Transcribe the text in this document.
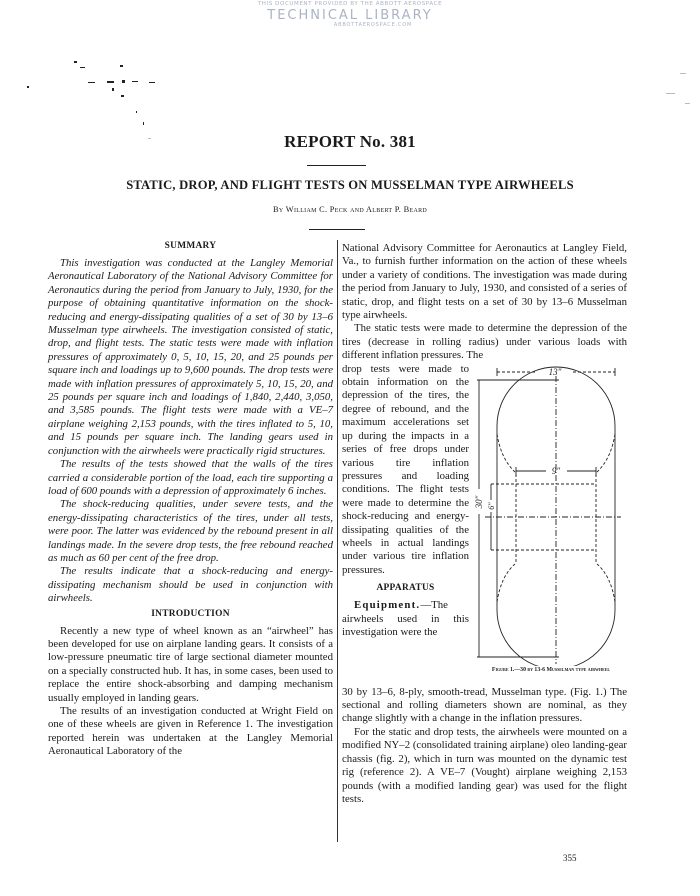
THIS DOCUMENT PROVIDED BY THE ABBOTT AEROSPACE
TECHNICAL LIBRARY
ABBOTTAEROSPACE.COM
REPORT No. 381
STATIC, DROP, AND FLIGHT TESTS ON MUSSELMAN TYPE AIRWHEELS
By William C. Peck and Albert P. Beard
SUMMARY

This investigation was conducted at the Langley Memorial Aeronautical Laboratory of the National Advisory Committee for Aeronautics during the period from January to July, 1930, for the purpose of obtaining quantitative information on the shock-reducing and energy-dissipating qualities of a set of 30 by 13–6 Musselman type airwheels. The investigation consisted of static, drop, and flight tests. The static tests were made with inflation pressures of approximately 0, 5, 10, 15, 20, and 25 pounds per square inch and loadings up to 9,600 pounds. The drop tests were made with inflation pressures of approximately 5, 10, 15, 20, and 25 pounds per square inch and loadings of 1,840, 2,440, 3,050, and 3,585 pounds. The flight tests were made with a VE–7 airplane weighing 2,153 pounds, with the tires inflated to 5, 10, and 15 pounds per square inch. The landing gears used in conjunction with the airwheels were practically rigid structures.

The results of the tests showed that the walls of the tires carried a considerable portion of the load, each tire supporting a load of 600 pounds with a depression of approximately 6 inches.

The shock-reducing qualities, under severe tests, and the energy-dissipating characteristics of the tires, under all tests, were poor. The latter was evidenced by the rebound present in all landings made. In the severe drop tests, the free rebound reached as much as 60 per cent of the free drop.

The results indicate that a shock-reducing and energy-dissipating mechanism should be used in conjunction with airwheels.

INTRODUCTION

Recently a new type of wheel known as an “airwheel” has been developed for use on airplane landing gears. It consists of a low-pressure pneumatic tire of large sectional diameter mounted on a specially constructed hub. It has, in some cases, been used to replace the entire shock-absorbing and damping mechanism usually employed in landing gears.

The results of an investigation conducted at Wright Field on one of these wheels are given in Reference 1. The investigation reported herein was undertaken at the Langley Memorial Aeronautical Laboratory of the

National Advisory Committee for Aeronautics at Langley Field, Va., to furnish further information on the action of these wheels under a variety of conditions. The investigation was made during the period from January to July, 1930, and consisted of a series of static, drop, and flight tests on a set of 30 by 13–6 Musselman type airwheels.

The static tests were made to determine the depression of the tires (decrease in rolling radius) under various loads with different inflation pressures. The

13"
9"
30" 6"
Figure 1.—30 by 13-6 Musselman type airwheel

drop tests were made to obtain information on the depression of the tires, the degree of rebound, and the maximum accelerations set up during the impacts in a series of free drops under various tire inflation pressures and loading conditions. The flight tests were made to determine the shock-reducing and energy-dissipating qualities of the wheels in actual landings under various tire inflation pressures.

APPARATUS

Equipment.—The airwheels used in this investigation were the

30 by 13–6, 8-ply, smooth-tread, Musselman type. (Fig. 1.) The sectional and rolling diameters shown are nominal, as they change slightly with a change in the inflation pressures.

For the static and drop tests, the airwheels were mounted on a modified NY–2 (consolidated training airplane) oleo landing-gear chassis (fig. 2), which in turn was mounted on the dynamic test rig (reference 2). A VE–7 (Vought) airplane weighing 2,153 pounds (with a modified landing gear) was used for the flight tests.

355
